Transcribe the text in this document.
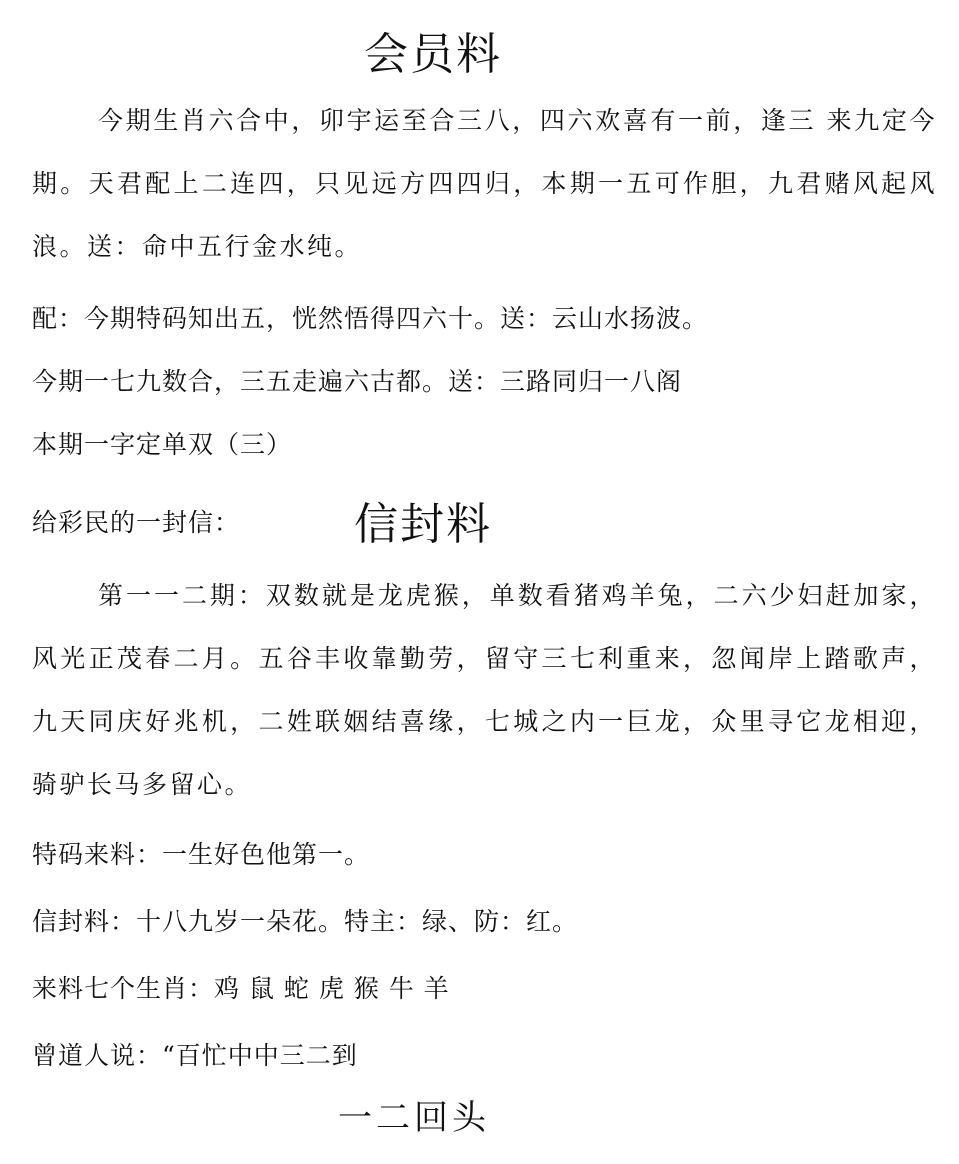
会员料
今期生肖六合中，卯宇运至合三八，四六欢喜有一前，逢三 来九定今期。天君配上二连四，只见远方四四归，本期一五可作胆，九君赌风起风浪。送：命中五行金水纯。
配：今期特码知出五，恍然悟得四六十。送：云山水扬波。
今期一七九数合，三五走遍六古都。送：三路同归一八阁
本期一字定单双（三）
给彩民的一封信：	信封料
第一一二期：双数就是龙虎猴，单数看猪鸡羊兔，二六少妇赶加家，风光正茂春二月。五谷丰收靠勤劳，留守三七利重来，忽闻岸上踏歌声，九天同庆好兆机，二姓联姻结喜缘，七城之内一巨龙，众里寻它龙相迎，骑驴长马多留心。
特码来料：一生好色他第一。
信封料：十八九岁一朵花。特主：绿、防：红。
来料七个生肖：鸡 鼠 蛇 虎 猴 牛 羊
曾道人说：“百忙中中三二到
一二回头
